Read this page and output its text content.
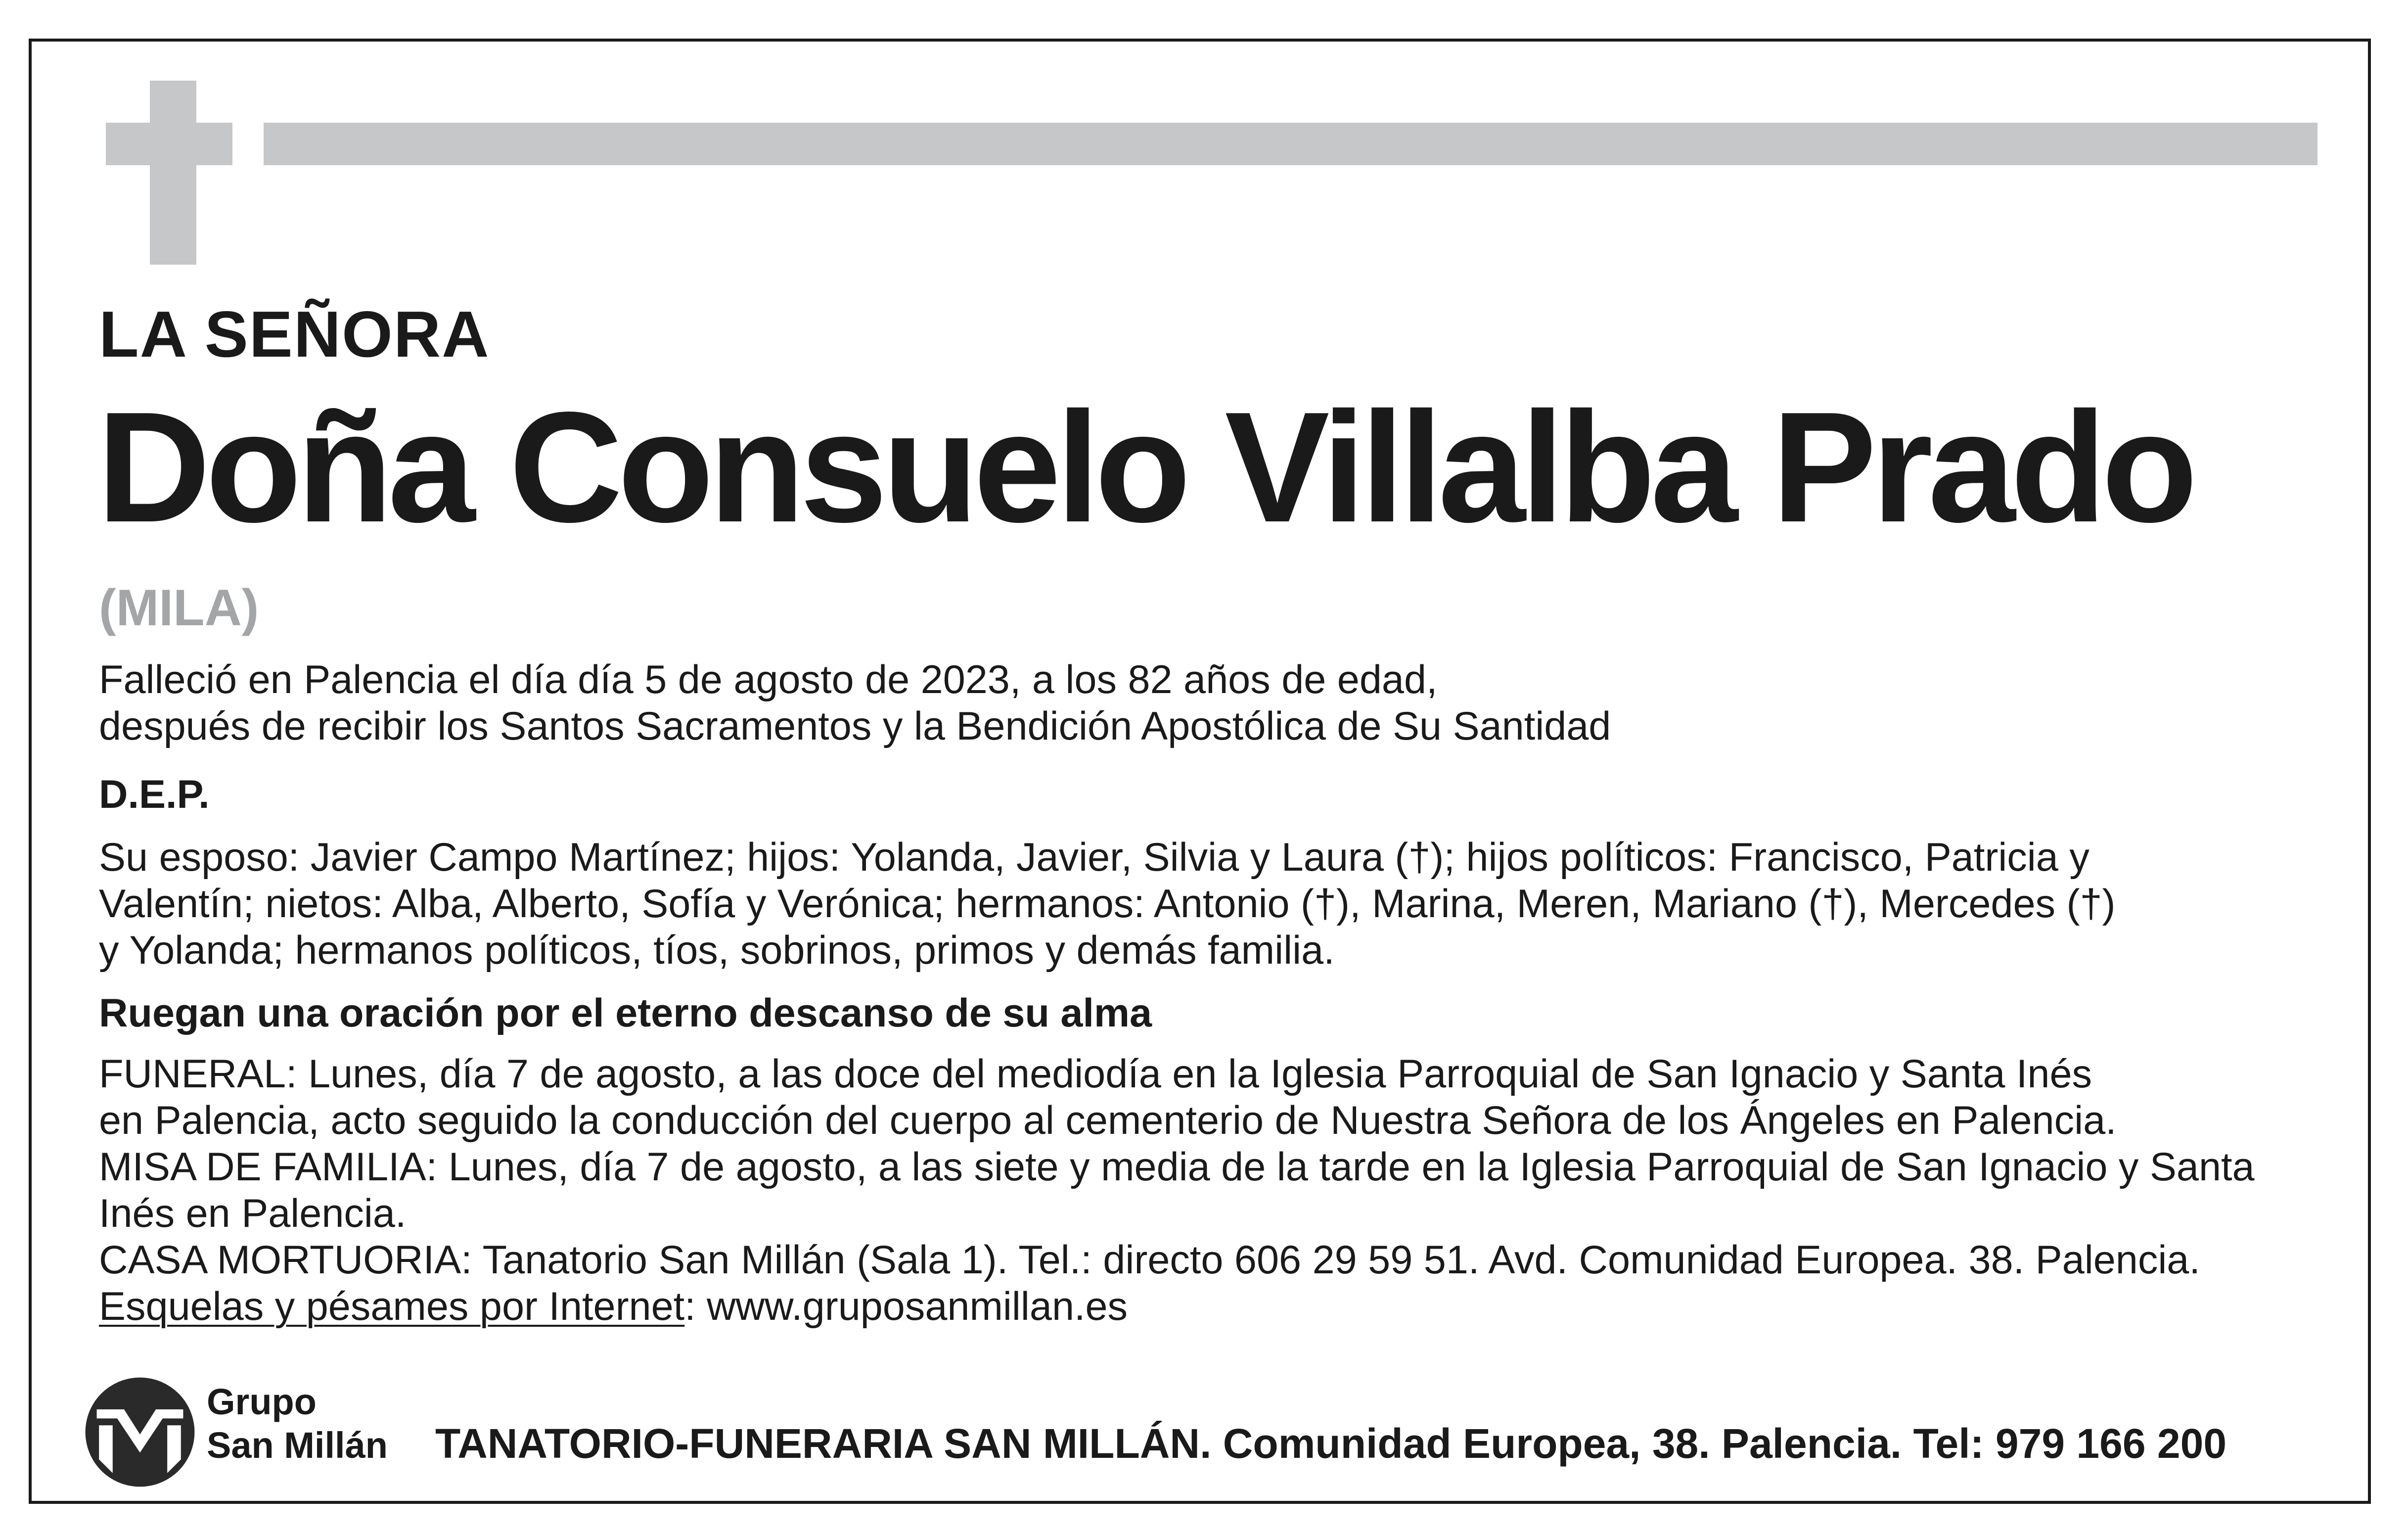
LA SEÑORA
Doña Consuelo Villalba Prado
(MILA)
Falleció en Palencia el día día 5 de agosto de 2023, a los 82 años de edad,
después de recibir los Santos Sacramentos y la Bendición Apostólica de Su Santidad
D.E.P.
Su esposo: Javier Campo Martínez; hijos: Yolanda, Javier, Silvia y Laura (†); hijos políticos: Francisco, Patricia y
Valentín; nietos: Alba, Alberto, Sofía y Verónica; hermanos: Antonio (†), Marina, Meren, Mariano (†), Mercedes (†)
y Yolanda; hermanos políticos, tíos, sobrinos, primos y demás familia.
Ruegan una oración por el eterno descanso de su alma
FUNERAL: Lunes, día 7 de agosto, a las doce del mediodía en la Iglesia Parroquial de San Ignacio y Santa Inés
en Palencia, acto seguido la conducción del cuerpo al cementerio de Nuestra Señora de los Ángeles en Palencia.
MISA DE FAMILIA: Lunes, día 7 de agosto, a las siete y media de la tarde en la Iglesia Parroquial de San Ignacio y Santa
Inés en Palencia.
CASA MORTUORIA: Tanatorio San Millán (Sala 1). Tel.: directo 606 29 59 51. Avd. Comunidad Europea. 38. Palencia.
Esquelas y pésames por Internet: www.gruposanmillan.es
Grupo
San Millán TANATORIO-FUNERARIA SAN MILLÁN. Comunidad Europea, 38. Palencia. Tel: 979 166 200
